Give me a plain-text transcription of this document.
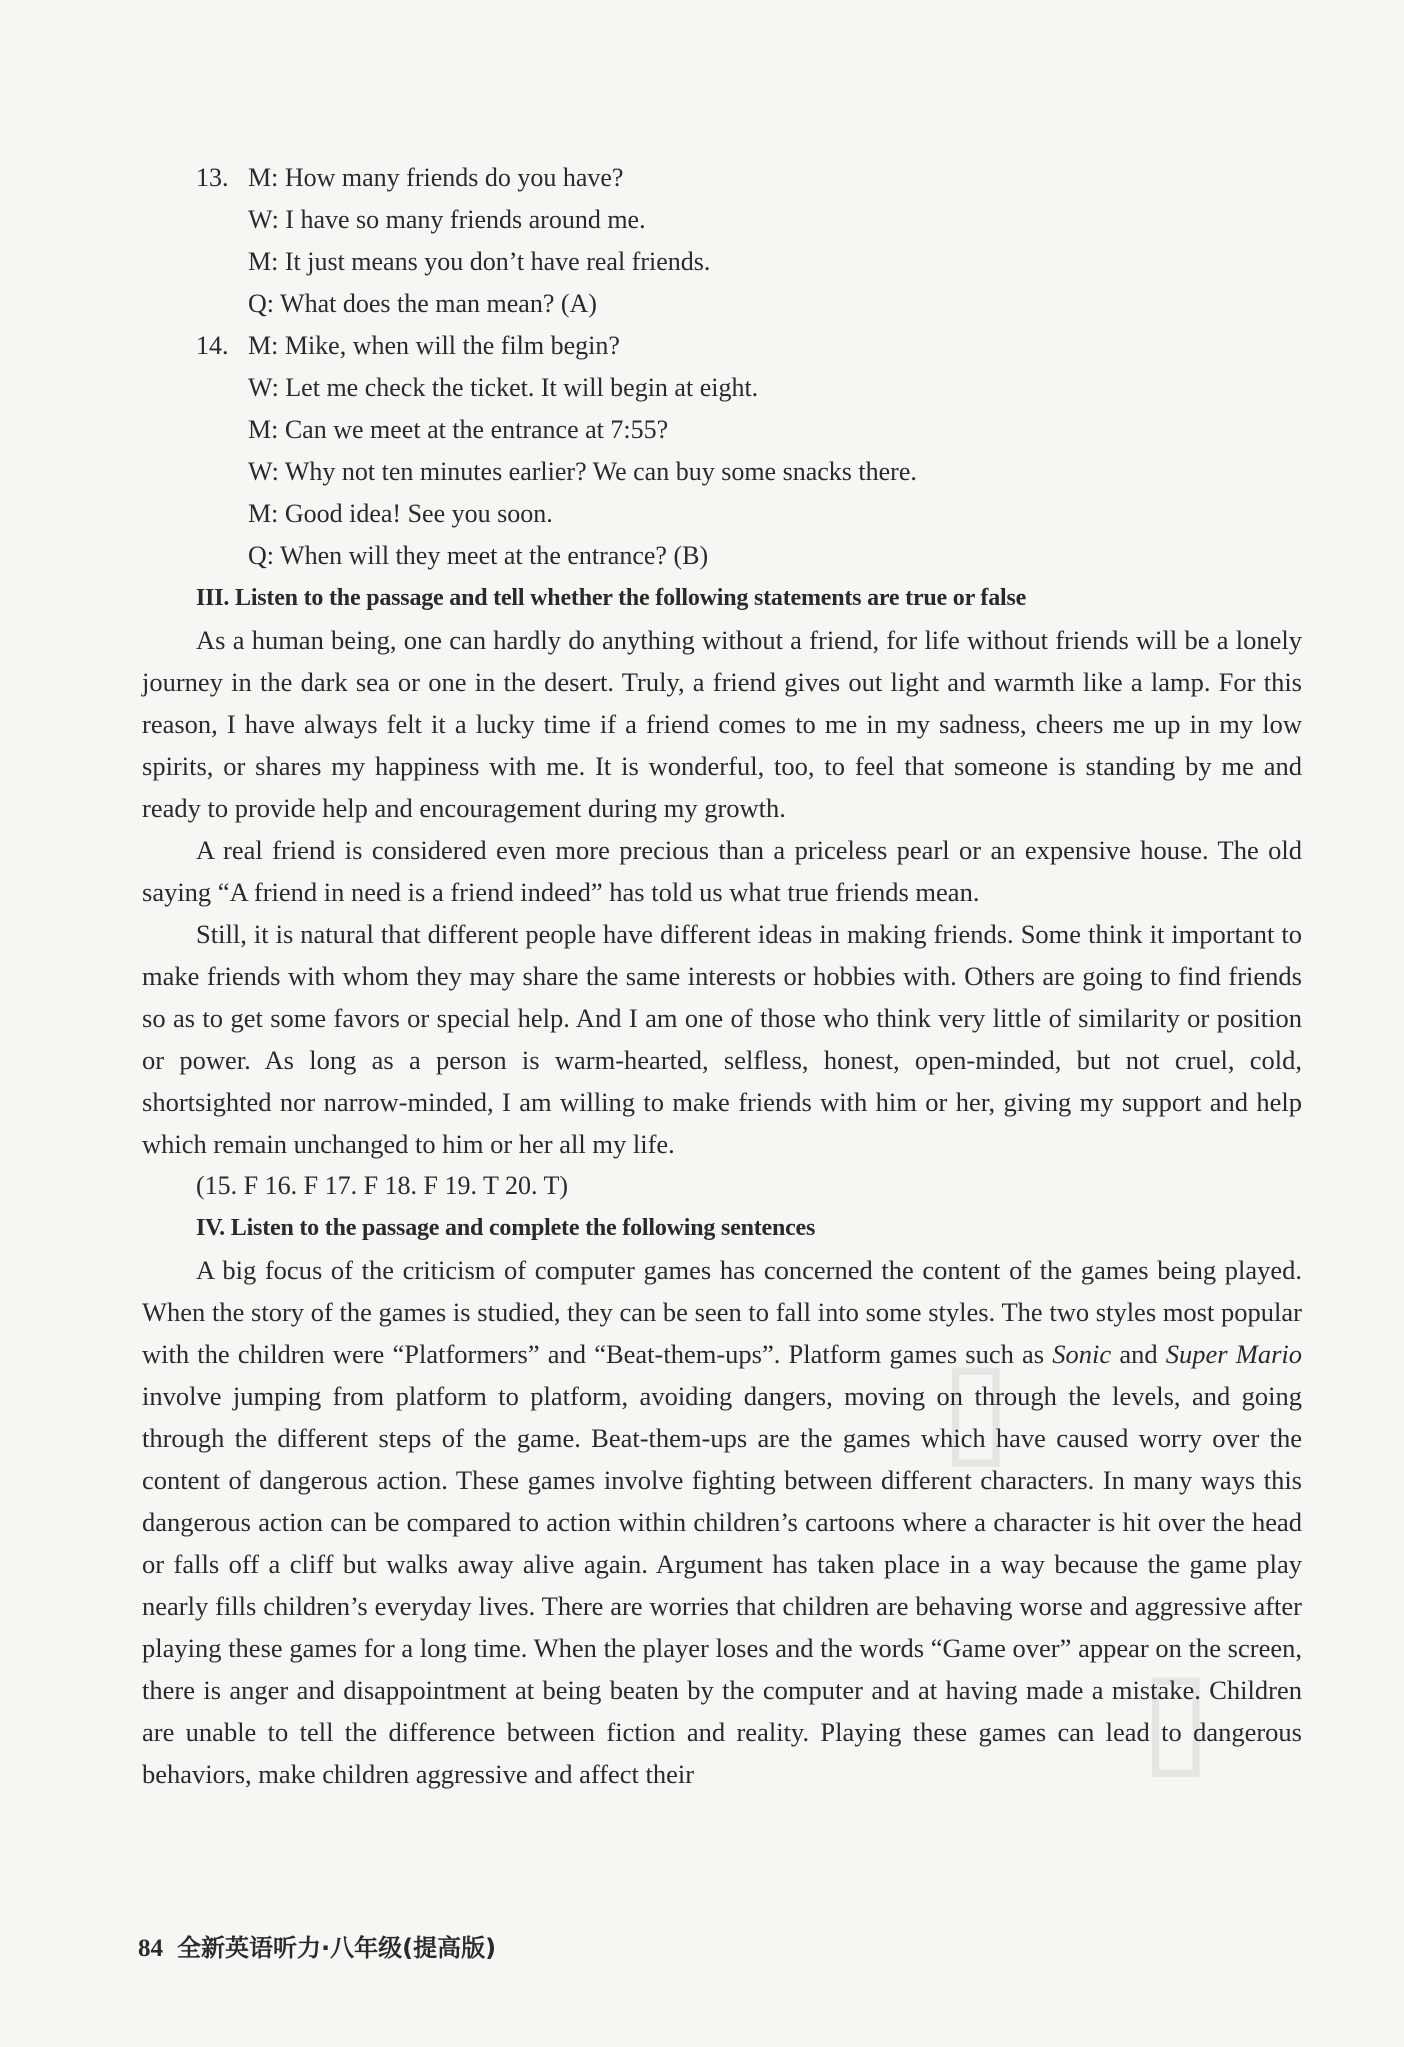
▯
▯
13. M: How many friends do you have?
W: I have so many friends around me.
M: It just means you don’t have real friends.
Q: What does the man mean? (A)
14. M: Mike, when will the film begin?
W: Let me check the ticket. It will begin at eight.
M: Can we meet at the entrance at 7:55?
W: Why not ten minutes earlier? We can buy some snacks there.
M: Good idea! See you soon.
Q: When will they meet at the entrance? (B)
III. Listen to the passage and tell whether the following statements are true or false
As a human being, one can hardly do anything without a friend, for life without friends will be a lonely journey in the dark sea or one in the desert. Truly, a friend gives out light and warmth like a lamp. For this reason, I have always felt it a lucky time if a friend comes to me in my sadness, cheers me up in my low spirits, or shares my happiness with me. It is wonderful, too, to feel that someone is standing by me and ready to provide help and encouragement during my growth.
A real friend is considered even more precious than a priceless pearl or an expensive house. The old saying “A friend in need is a friend indeed” has told us what true friends mean.
Still, it is natural that different people have different ideas in making friends. Some think it important to make friends with whom they may share the same interests or hobbies with. Others are going to find friends so as to get some favors or special help. And I am one of those who think very little of similarity or position or power. As long as a person is warm-hearted, selfless, honest, open-minded, but not cruel, cold, shortsighted nor narrow-minded, I am willing to make friends with him or her, giving my support and help which remain unchanged to him or her all my life.
(15. F 16. F 17. F 18. F 19. T 20. T)
IV. Listen to the passage and complete the following sentences
A big focus of the criticism of computer games has concerned the content of the games being played. When the story of the games is studied, they can be seen to fall into some styles. The two styles most popular with the children were “Platformers” and “Beat-them-ups”. Platform games such as Sonic and Super Mario involve jumping from platform to platform, avoiding dangers, moving on through the levels, and going through the different steps of the game. Beat-them-ups are the games which have caused worry over the content of dangerous action. These games involve fighting between different characters. In many ways this dangerous action can be compared to action within children’s cartoons where a character is hit over the head or falls off a cliff but walks away alive again. Argument has taken place in a way because the game play nearly fills children’s everyday lives. There are worries that children are behaving worse and aggressive after playing these games for a long time. When the player loses and the words “Game over” appear on the screen, there is anger and disappointment at being beaten by the computer and at having made a mistake. Children are unable to tell the difference between fiction and reality. Playing these games can lead to dangerous behaviors, make children aggressive and affect their
84 全新英语听力·八年级(提高版)
